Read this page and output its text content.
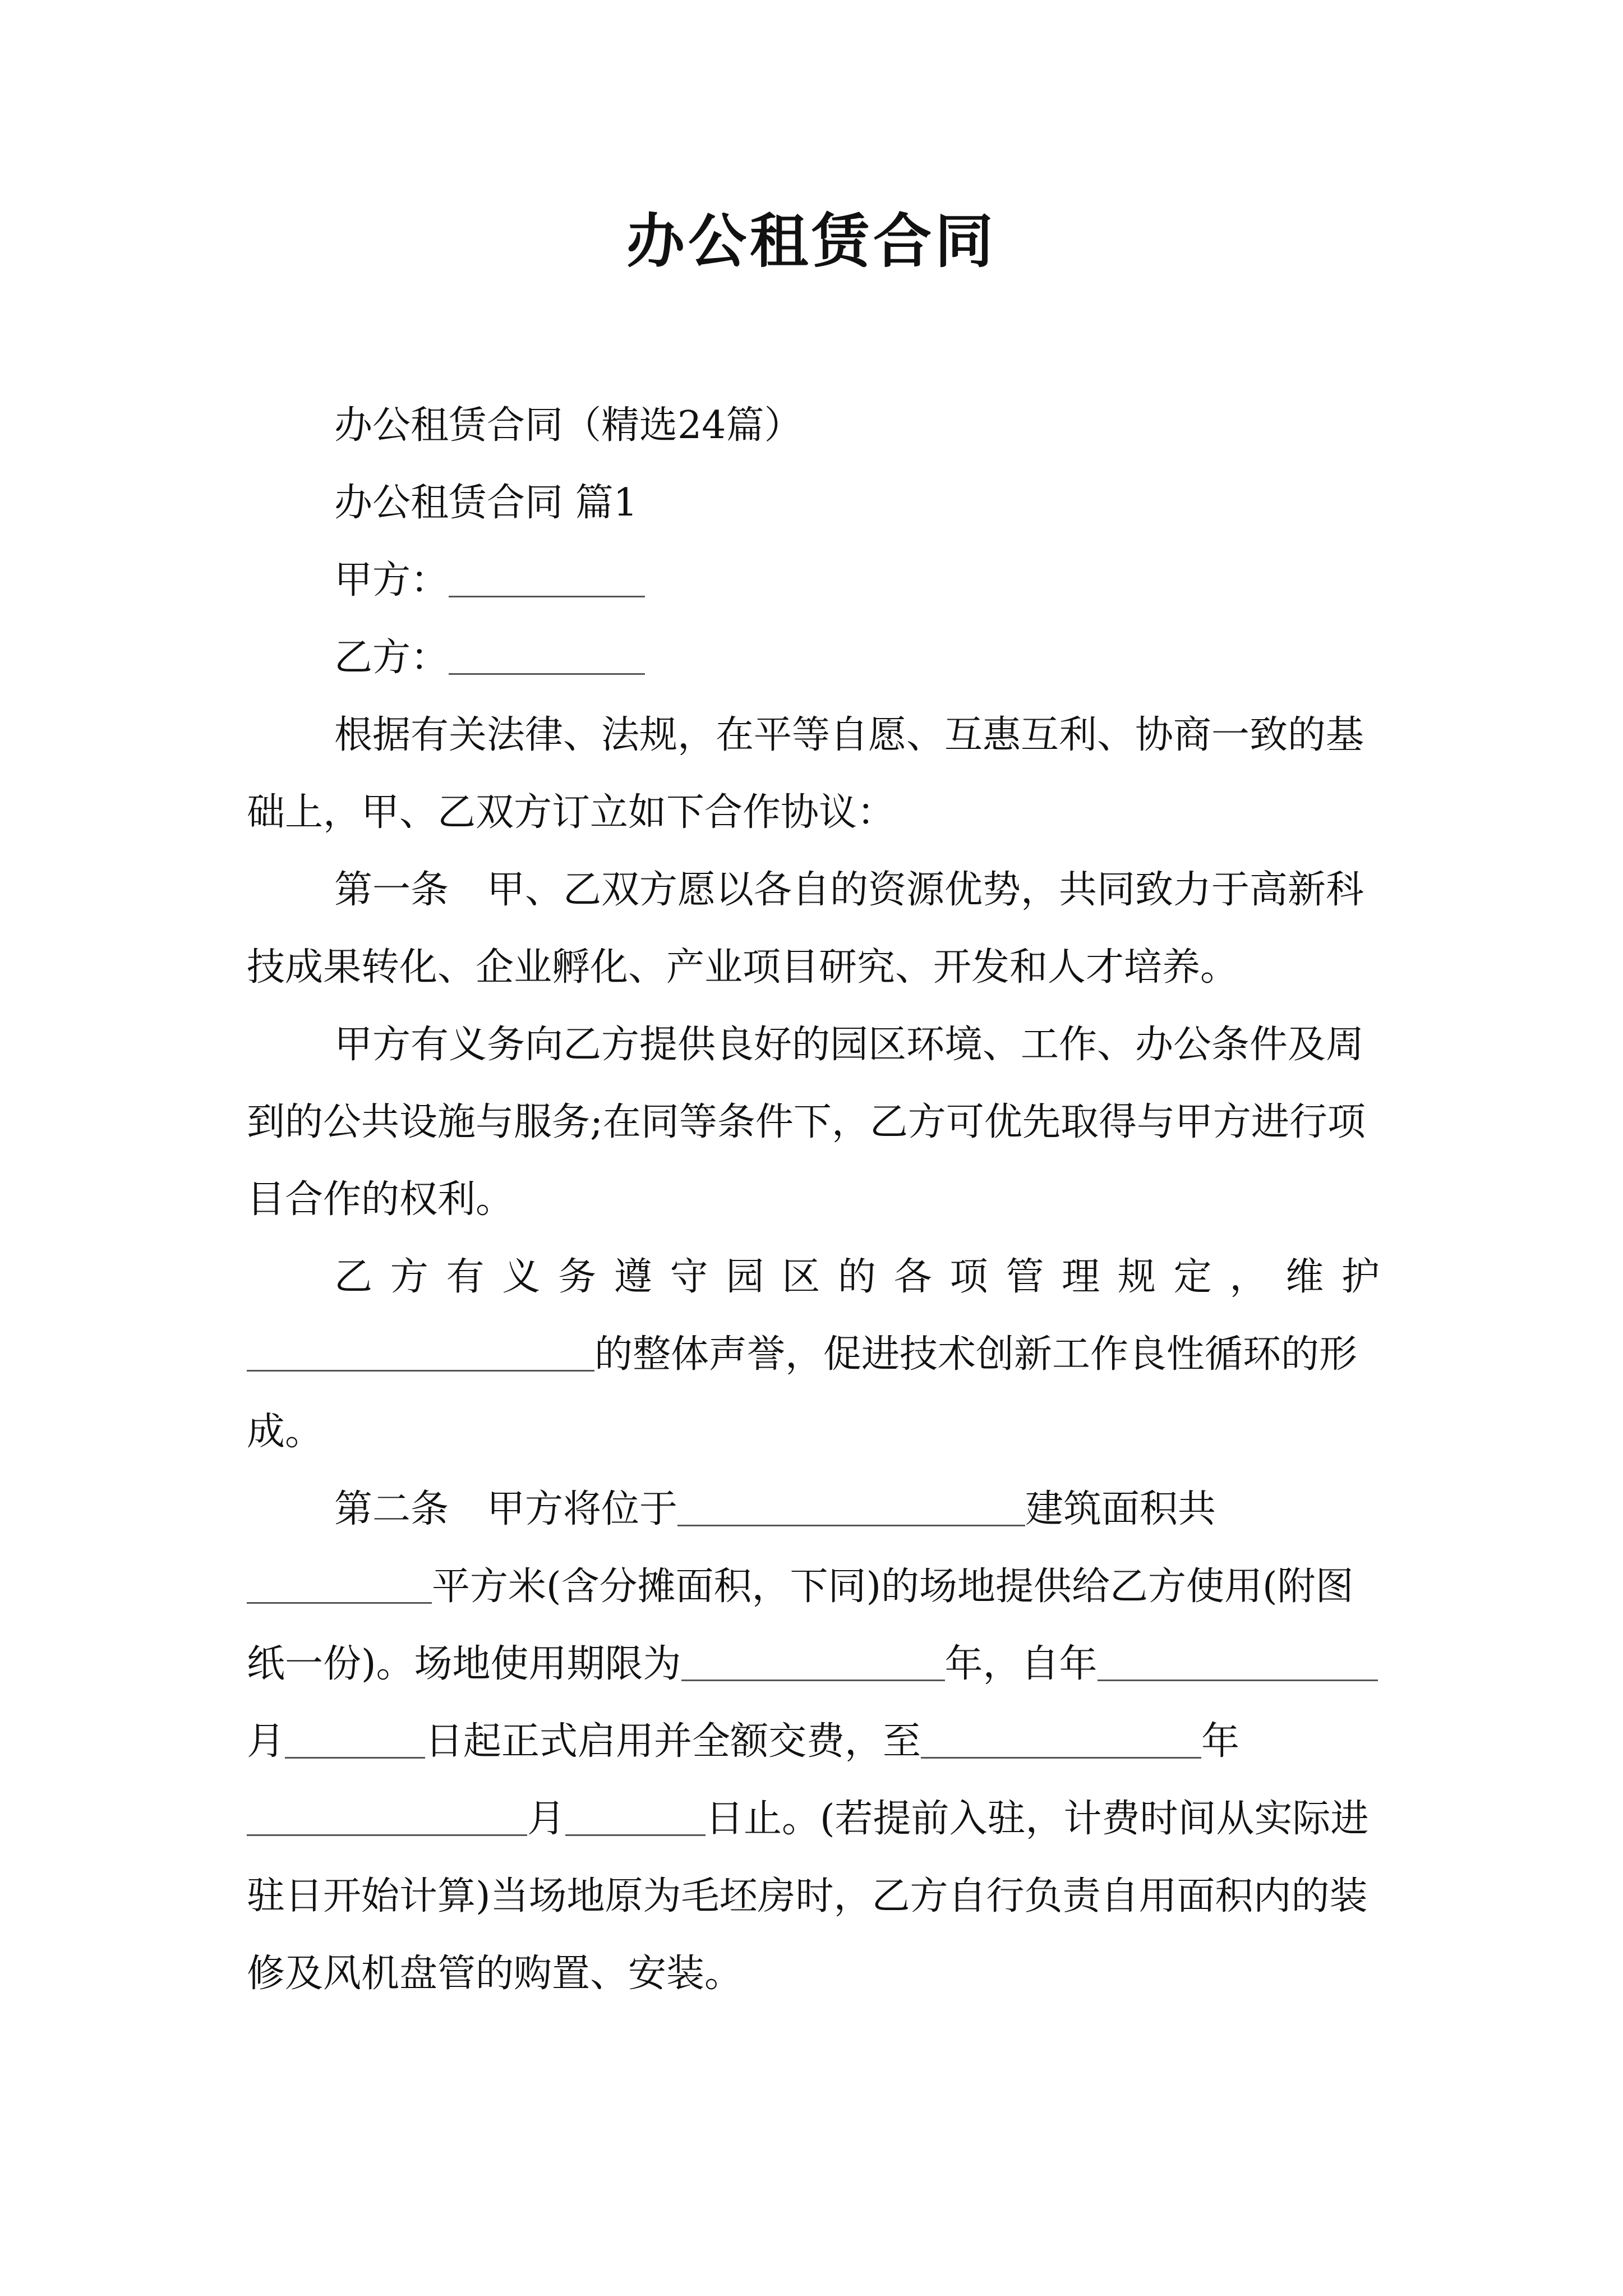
办公租赁合同

办公租赁合同（精选24篇）

办公租赁合同 篇1

甲方：

乙方：

根据有关法律、法规，在平等自愿、互惠互利、协商一致的基础上，甲、乙双方订立如下合作协议：

第一条　甲、乙双方愿以各自的资源优势，共同致力于高新科技成果转化、企业孵化、产业项目研究、开发和人才培养。

甲方有义务向乙方提供良好的园区环境、工作、办公条件及周到的公共设施与服务;在同等条件下，乙方可优先取得与甲方进行项目合作的权利。

乙方有义务遵守园区的各项管理规定，维护
的整体声誉，促进技术创新工作良性循环的形成。

第二条　甲方将位于	建筑面积共平方米(含分摊面积，下同)的场地提供给乙方使用(附图纸一份)。场地使用期限为	年，自年月	日起正式启用并全额交费，至	年月	日止。(若提前入驻，计费时间从实际进驻日开始计算)当场地原为毛坯房时，乙方自行负责自用面积内的装修及风机盘管的购置、安装。
